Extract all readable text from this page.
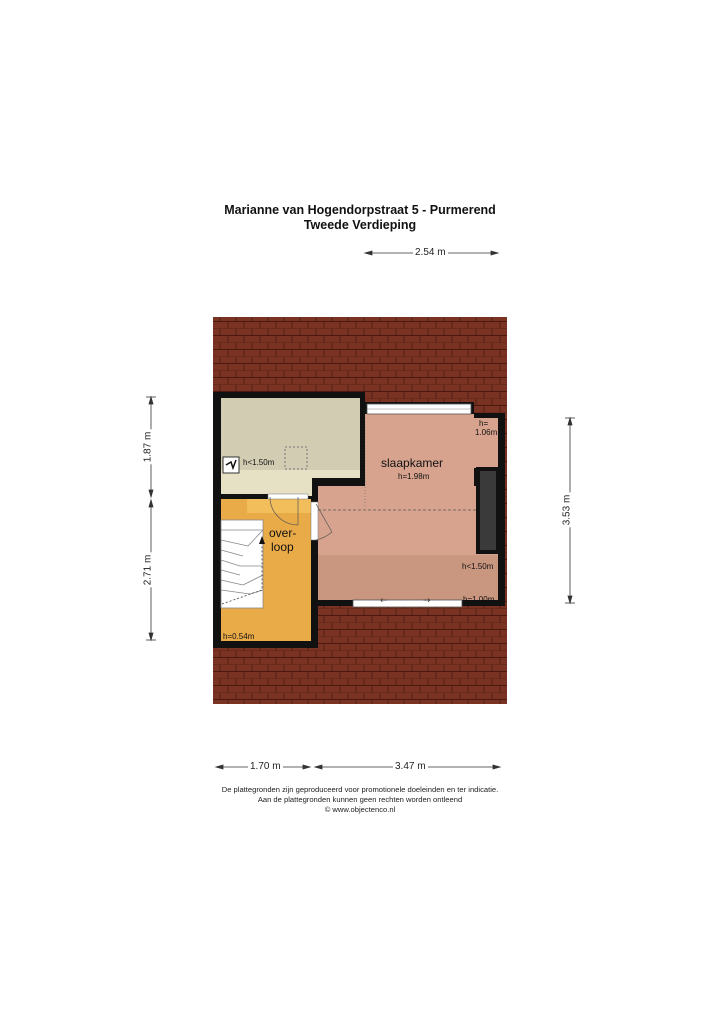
←	→
Marianne van Hogendorpstraat 5 - Purmerend
Tweede Verdieping
2.54 m
1.87 m
2.71 m
3.53 m
1.70 m	3.47 m
h<1.50m	slaapkamer
h=1.98m
h=
1.06m
h<1.50m
h=1.00m
over-
loop
h=0.54m
De plattegronden zijn geproduceerd voor promotionele doeleinden en ter indicatie.
Aan de plattegronden kunnen geen rechten worden ontleend
© www.objectenco.nl
